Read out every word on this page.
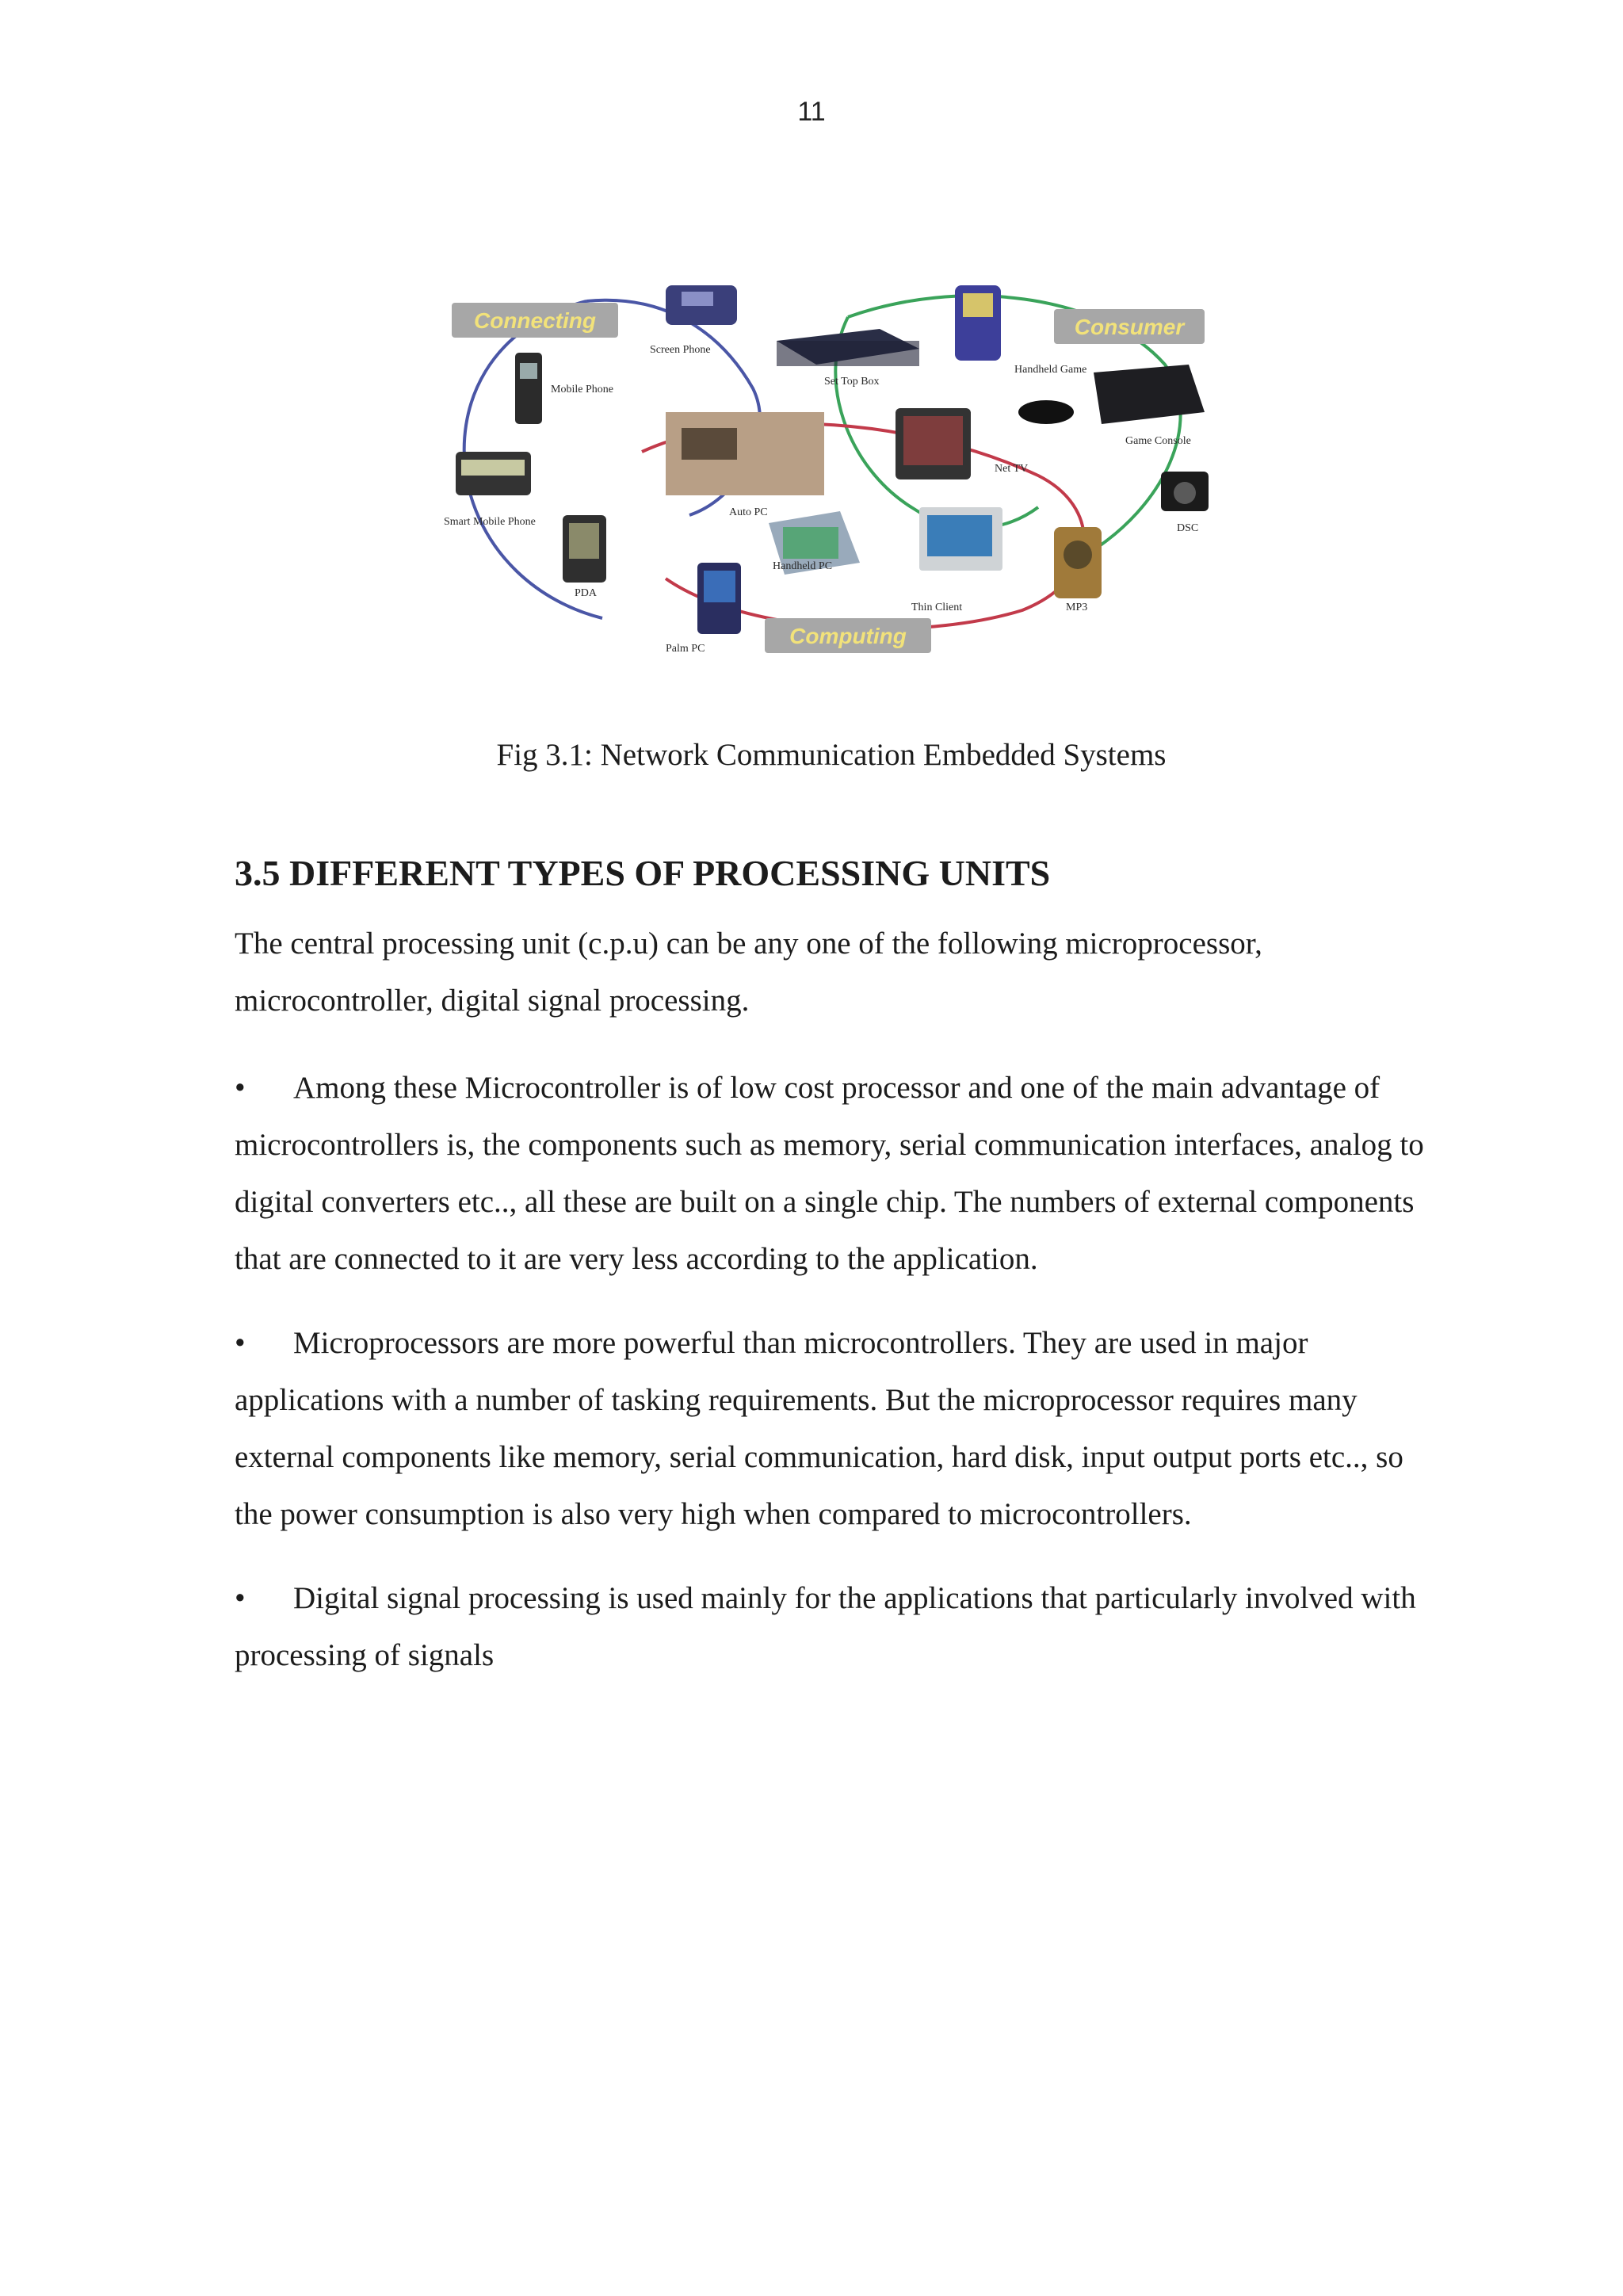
11
Connecting	Consumer
Computing
Screen Phone
Mobile Phone
Set Top Box
Handheld Game
Game Console
Net TV
Auto PC
Smart Mobile Phone
DSC
Handheld PC
PDA
Thin Client	MP3
Palm PC
Fig 3.1: Network Communication Embedded Systems
3.5 DIFFERENT TYPES OF PROCESSING UNITS
The central processing unit (c.p.u) can be any one of the following microprocessor, microcontroller, digital signal processing.
• Among these Microcontroller is of low cost processor and one of the main advantage of microcontrollers is, the components such as memory, serial communication interfaces, analog to digital converters etc.., all these are built on a single chip. The numbers of external components that are connected to it are very less according to the application.
• Microprocessors are more powerful than microcontrollers. They are used in major applications with a number of tasking requirements. But the microprocessor requires many external components like memory, serial communication, hard disk, input output ports etc.., so the power consumption is also very high when compared to microcontrollers.
• Digital signal processing is used mainly for the applications that particularly involved with processing of signals
